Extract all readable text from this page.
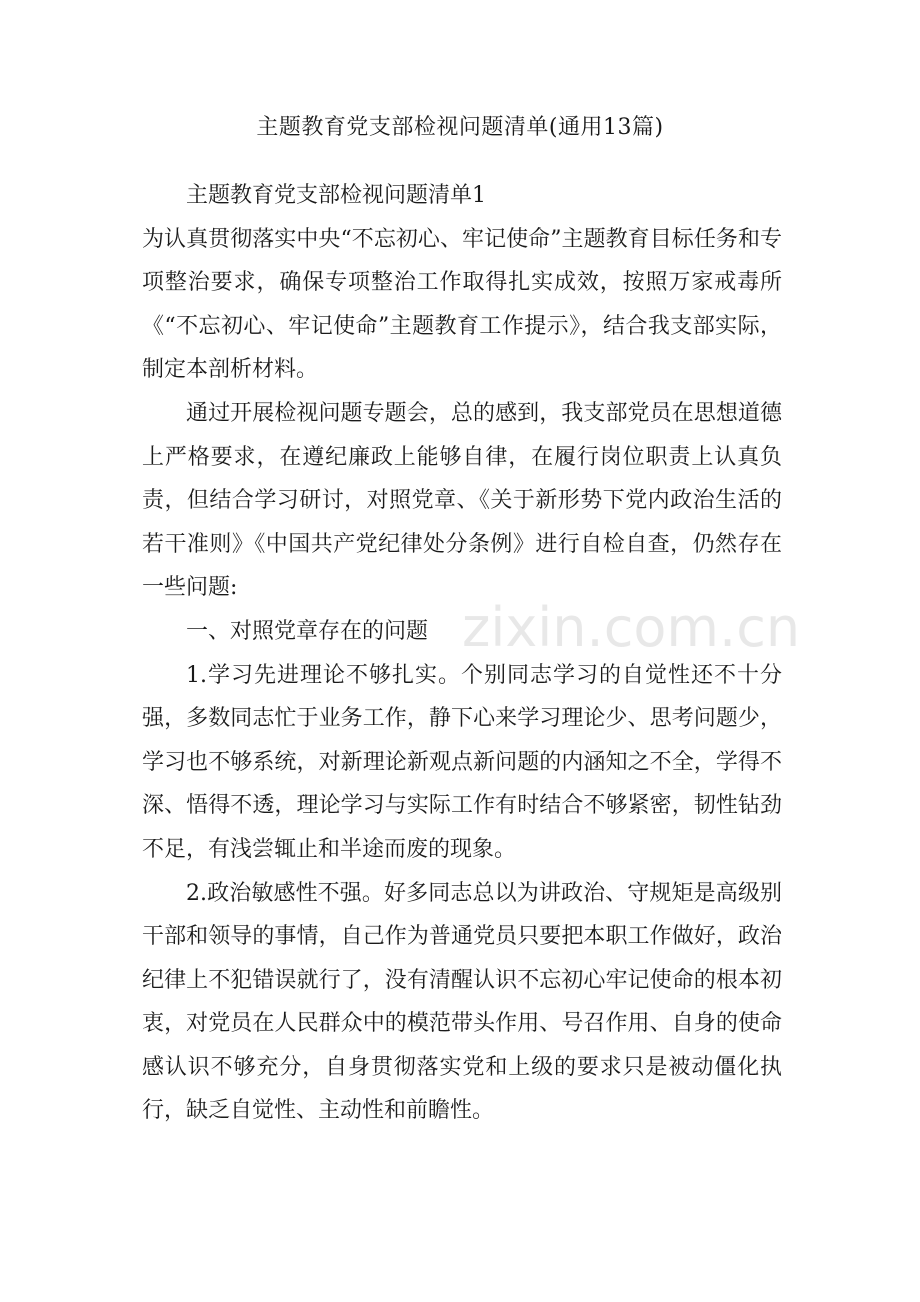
主题教育党支部检视问题清单(通用13篇)

主题教育党支部检视问题清单1

为认真贯彻落实中央“不忘初心、牢记使命”主题教育目标任务和专项整治要求，确保专项整治工作取得扎实成效，按照万家戒毒所《“不忘初心、牢记使命”主题教育工作提示》，结合我支部实际，制定本剖析材料。

通过开展检视问题专题会，总的感到，我支部党员在思想道德上严格要求，在遵纪廉政上能够自律，在履行岗位职责上认真负责，但结合学习研讨，对照党章、《关于新形势下党内政治生活的若干准则》《中国共产党纪律处分条例》进行自检自查，仍然存在一些问题:

一、对照党章存在的问题

1.学习先进理论不够扎实。个别同志学习的自觉性还不十分强，多数同志忙于业务工作，静下心来学习理论少、思考问题少，学习也不够系统，对新理论新观点新问题的内涵知之不全，学得不深、悟得不透，理论学习与实际工作有时结合不够紧密，韧性钻劲不足，有浅尝辄止和半途而废的现象。

2.政治敏感性不强。好多同志总以为讲政治、守规矩是高级别干部和领导的事情，自己作为普通党员只要把本职工作做好，政治纪律上不犯错误就行了，没有清醒认识不忘初心牢记使命的根本初衷，对党员在人民群众中的模范带头作用、号召作用、自身的使命感认识不够充分，自身贯彻落实党和上级的要求只是被动僵化执行，缺乏自觉性、主动性和前瞻性。

zixin.com.cn
